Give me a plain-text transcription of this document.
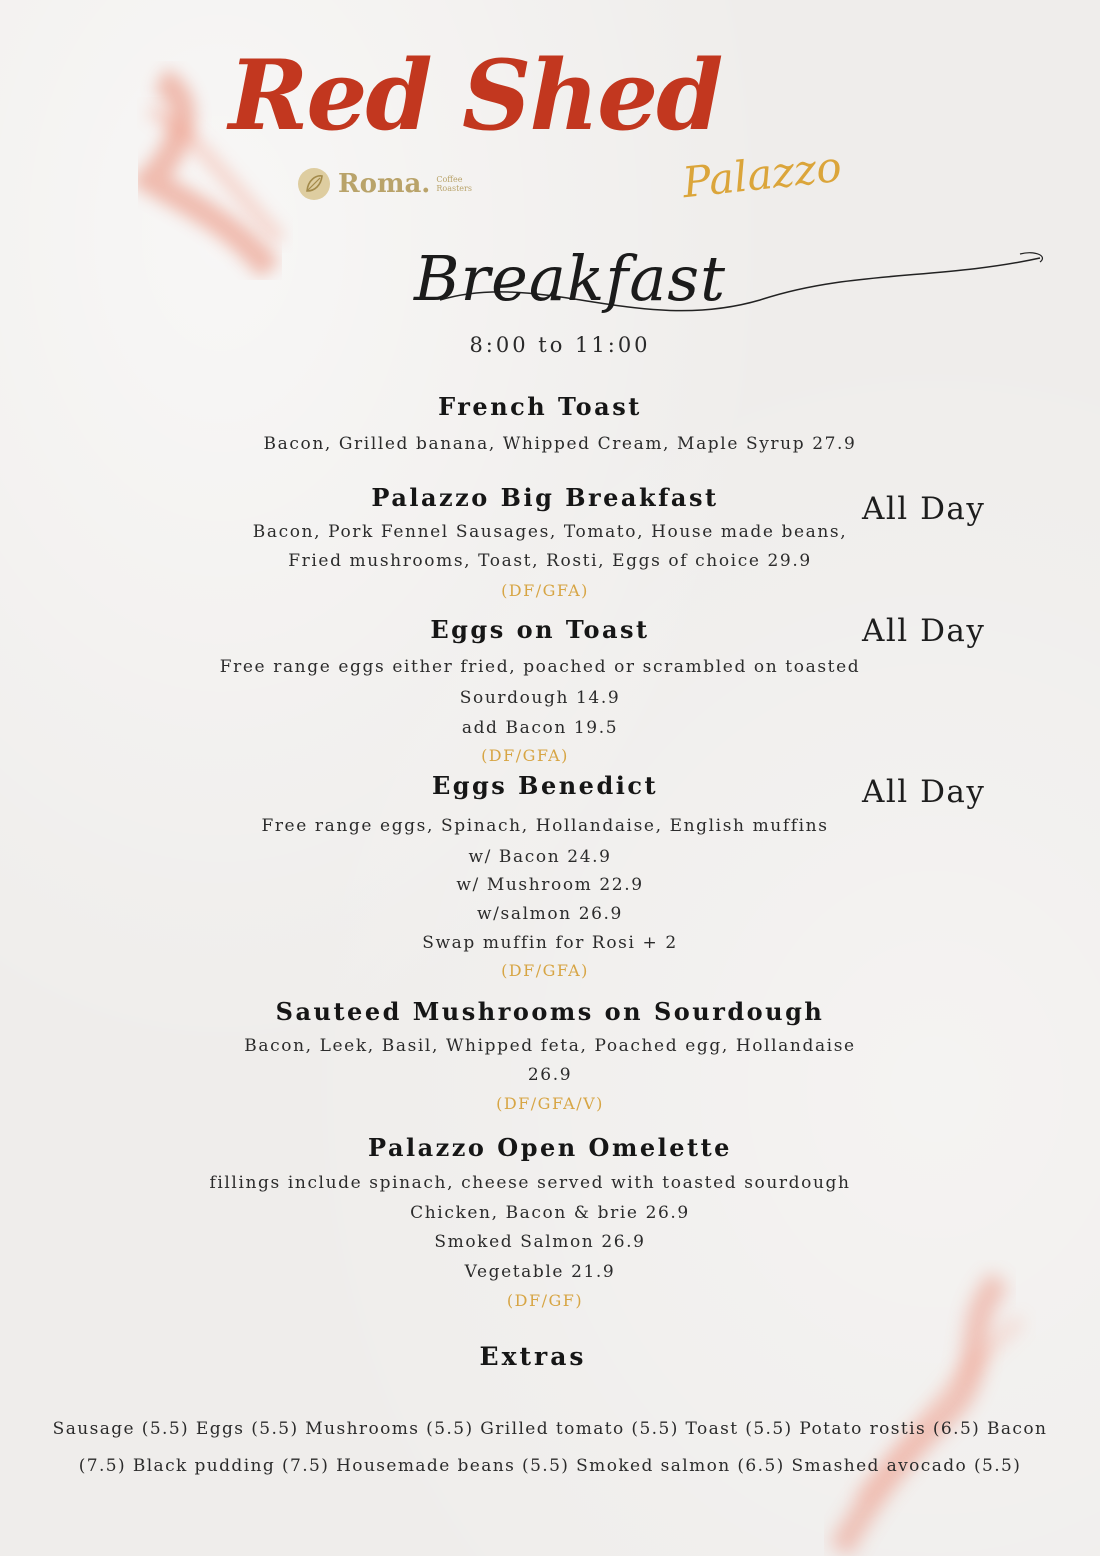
Red Shed
Palazzo
Roma. Coffee Roasters
Breakfast
8:00 to 11:00
French Toast
Bacon, Grilled banana, Whipped Cream, Maple Syrup 27.9
Palazzo Big Breakfast
Bacon, Pork Fennel Sausages, Tomato, House made beans,
Fried mushrooms, Toast, Rosti, Eggs of choice 29.9
(DF/GFA)
All Day
Eggs on Toast
Free range eggs either fried, poached or scrambled on toasted
Sourdough 14.9
add Bacon 19.5
(DF/GFA)
All Day
Eggs Benedict
Free range eggs, Spinach, Hollandaise, English muffins
w/ Bacon 24.9
w/ Mushroom 22.9
w/salmon 26.9
Swap muffin for Rosi + 2
(DF/GFA)
All Day
Sauteed Mushrooms on Sourdough
Bacon, Leek, Basil, Whipped feta, Poached egg, Hollandaise
26.9
(DF/GFA/V)
Palazzo Open Omelette
fillings include spinach, cheese served with toasted sourdough
Chicken, Bacon & brie 26.9
Smoked Salmon 26.9
Vegetable 21.9
(DF/GF)
Extras
Sausage (5.5) Eggs (5.5) Mushrooms (5.5) Grilled tomato (5.5) Toast (5.5) Potato rostis (6.5) Bacon
(7.5) Black pudding (7.5) Housemade beans (5.5) Smoked salmon (6.5) Smashed avocado (5.5)
